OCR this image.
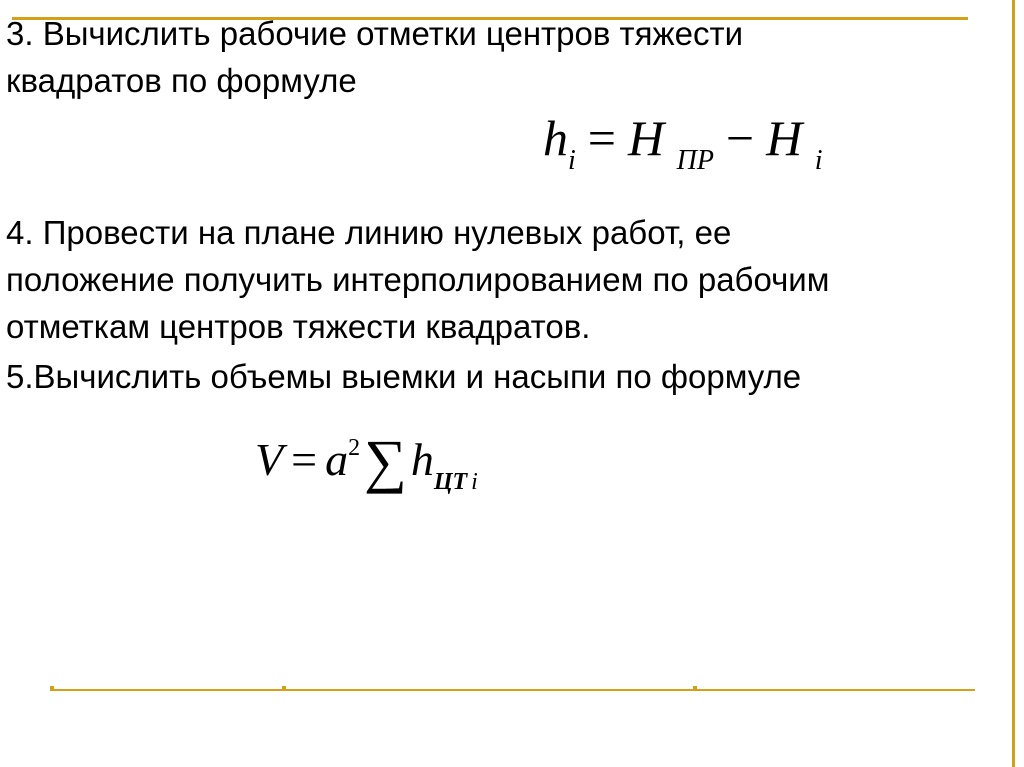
3. Вычислить рабочие отметки центров тяжести
квадратов по формуле

$h_i = H$ $_{ПР}$ − H $_i$

4. Провести на плане линию нулевых работ, ее
положение получить интерполированием по рабочим
отметкам центров тяжести квадратов.

5.Вычислить объемы выемки и насыпи по формуле

$V = a^2\sum h_{ЦТ}$ $_i$
